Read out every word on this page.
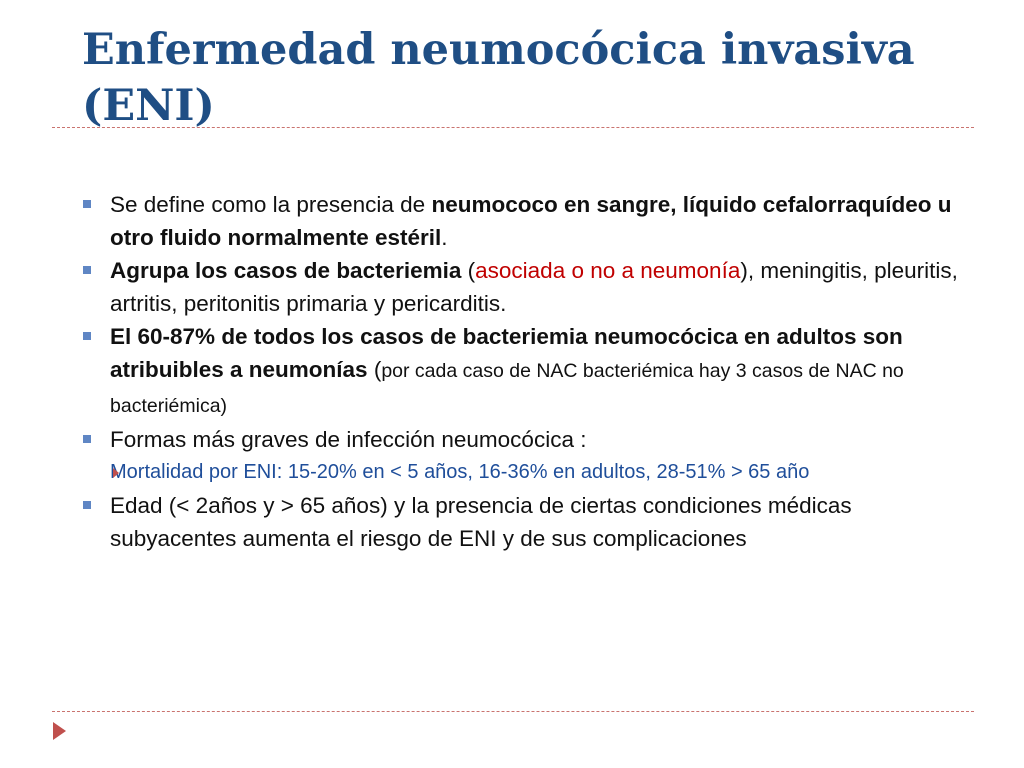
Enfermedad neumocócica invasiva (ENI)
Se define como la presencia de neumococo en sangre, líquido cefalorraquídeo u otro fluido normalmente estéril.
Agrupa los casos de bacteriemia (asociada o no a neumonía), meningitis, pleuritis, artritis, peritonitis primaria y pericarditis.
El 60-87% de todos los casos de bacteriemia neumocócica en adultos son atribuibles a neumonías (por cada caso de NAC bacteriémica hay 3 casos de NAC no bacteriémica)
Formas más graves de infección neumocócica :
Mortalidad por ENI: 15-20% en < 5 años, 16-36% en adultos, 28-51% > 65 año
Edad (< 2años y > 65 años) y la presencia de ciertas condiciones médicas subyacentes aumenta el riesgo de ENI y de sus complicaciones
